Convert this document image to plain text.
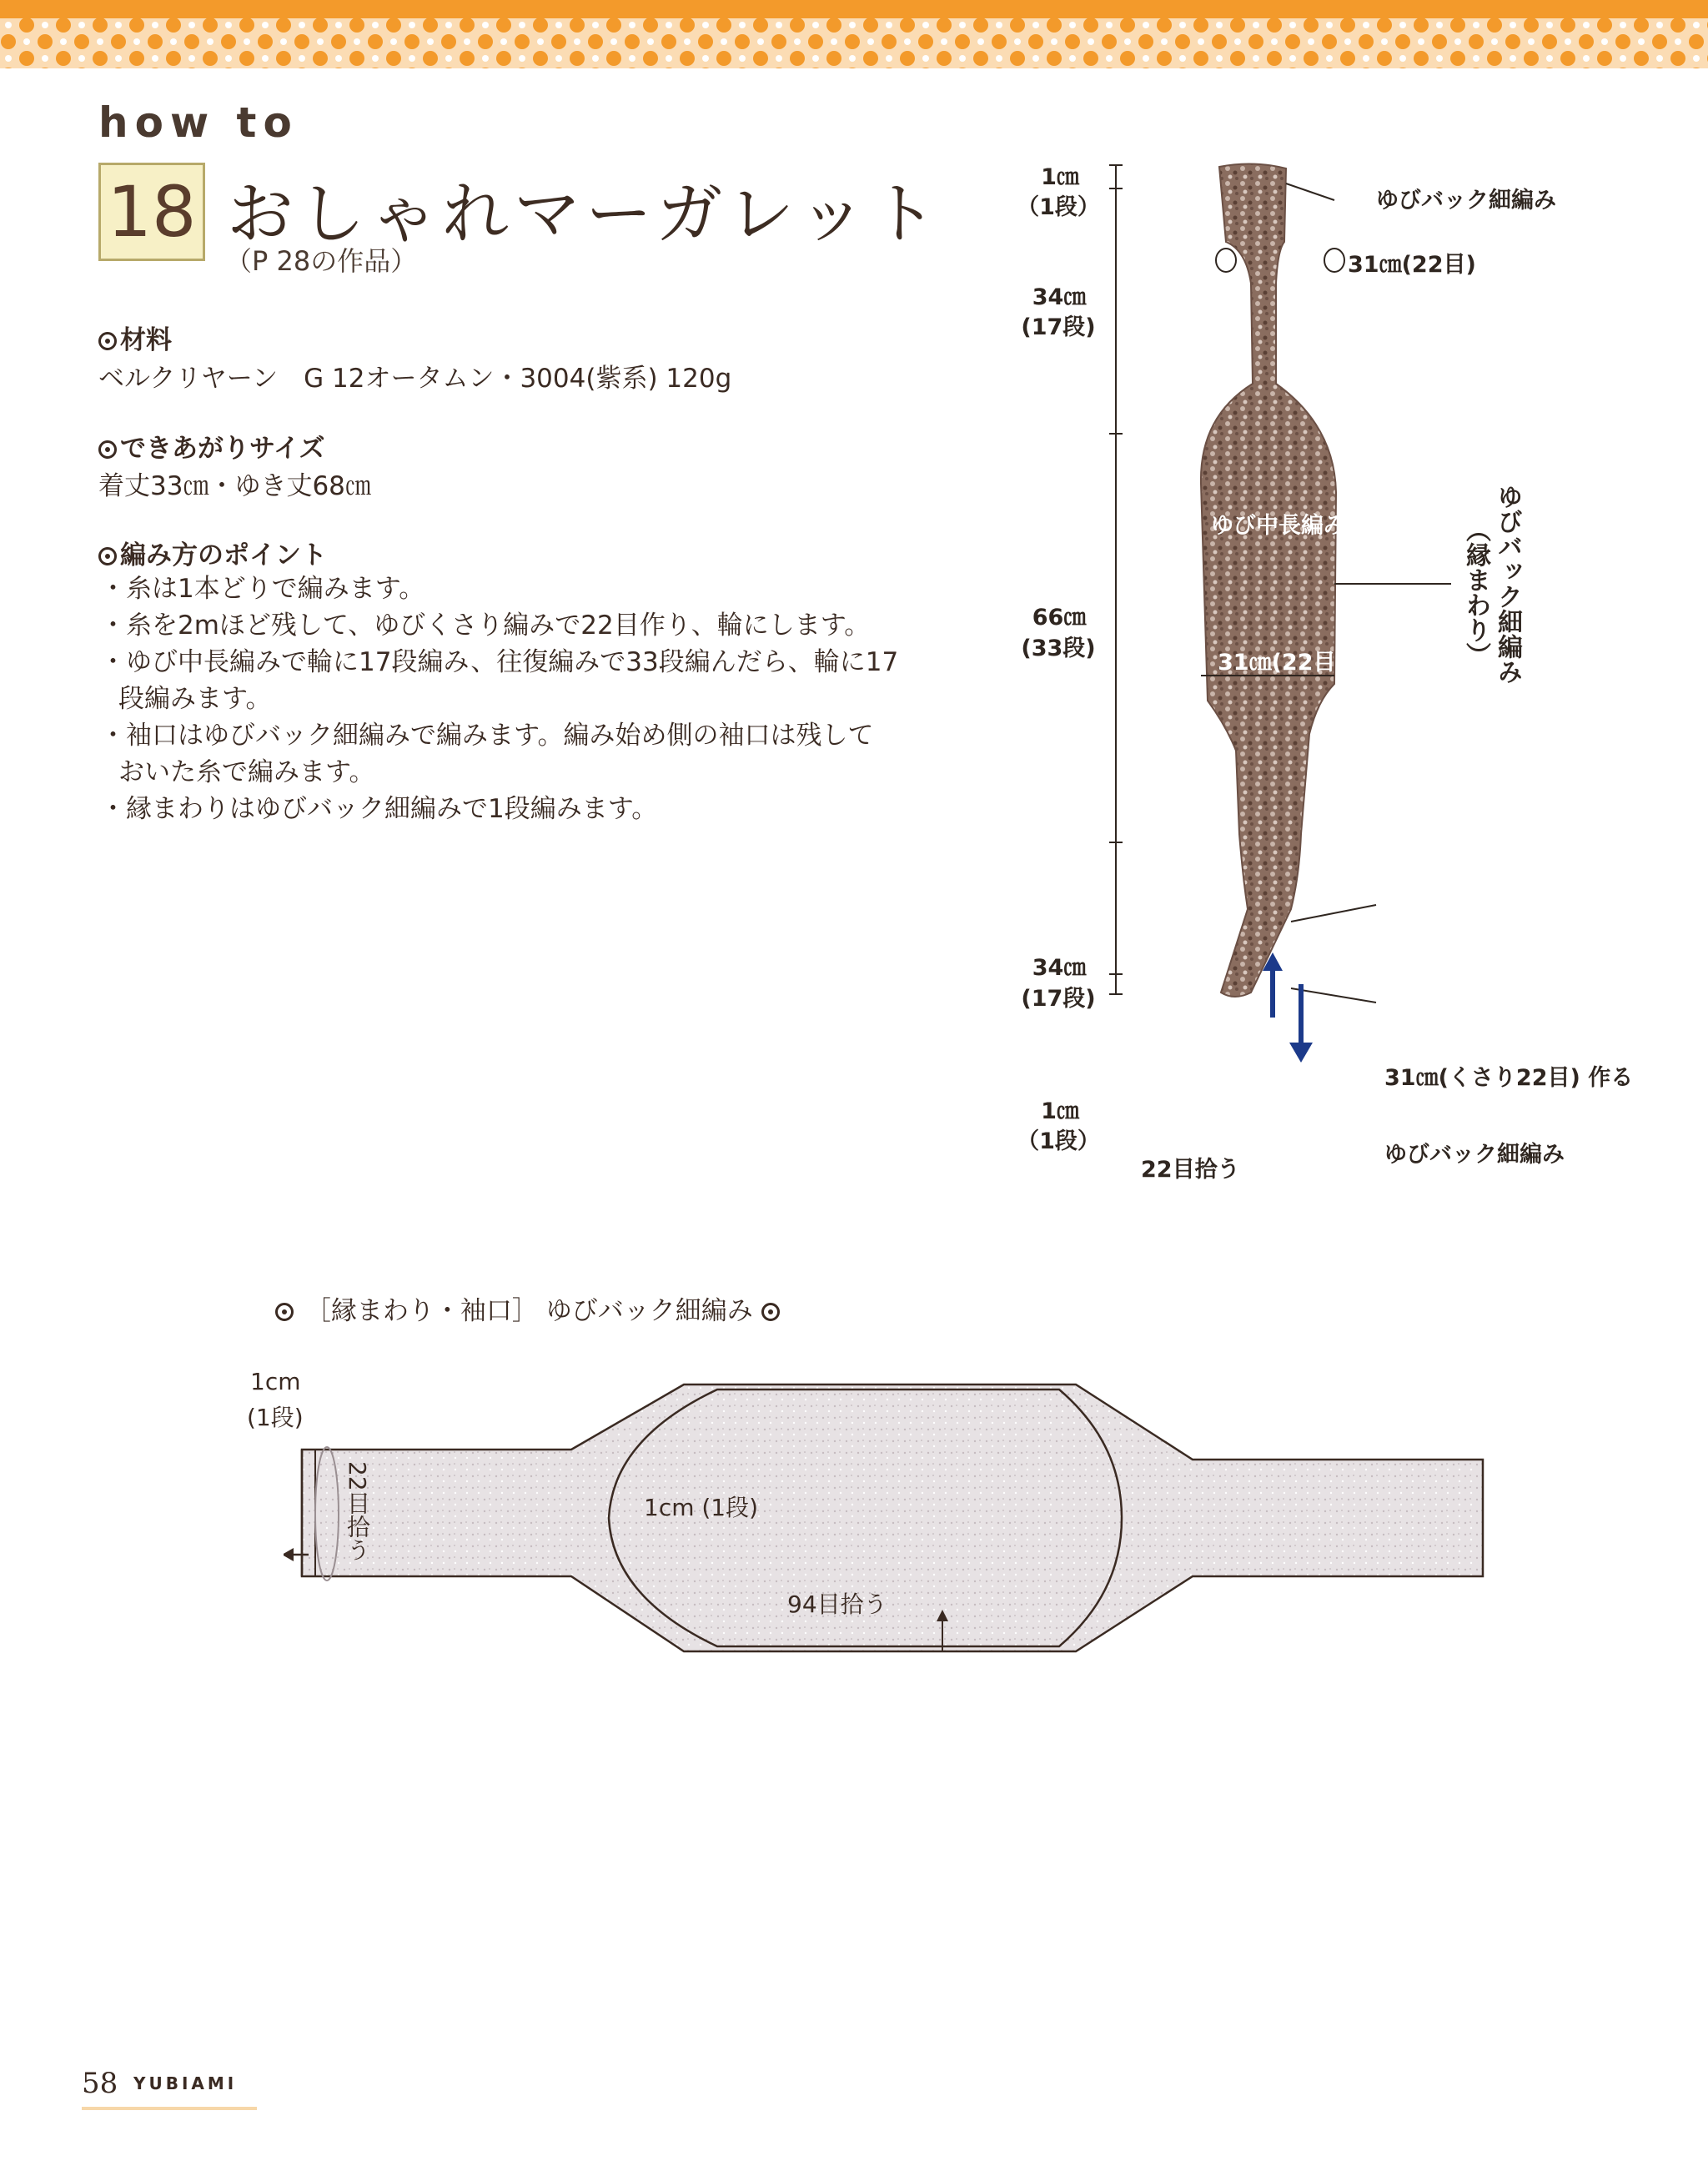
how to
18 おしゃれマーガレット
（P 28の作品）
材料
ベルクリヤーン　G 12オータムン・3004(紫系) 120g
できあがりサイズ
着丈33㎝・ゆき丈68㎝
編み方のポイント
・ 糸は1本どりで編みます。
・ 糸を2mほど残して、ゆびくさり編みで22目作り、輪にします。
・ ゆび中長編みで輪に17段編み、往復編みで33段編んだら、輪に17段編みます。
・ 袖口はゆびバック細編みで編みます。編み始め側の袖口は残しておいた糸で編みます。
・ 縁まわりはゆびバック細編みで1段編みます。
1㎝
（1段）
34㎝
(17段)
66㎝
(33段)
34㎝
(17段)
1㎝
（1段）
ゆびバック細編み
31㎝(22目)
ゆび中長編み
31㎝(22目)	ゆびバック細編み
（縁まわり）
31㎝(くさり22目) 作る
ゆびバック細編み
22目拾う
［縁まわり・袖口］ ゆびバック細編み
1cm
(1段)
22目拾う	1cm (1段)
94目拾う
58 YUBIAMI
